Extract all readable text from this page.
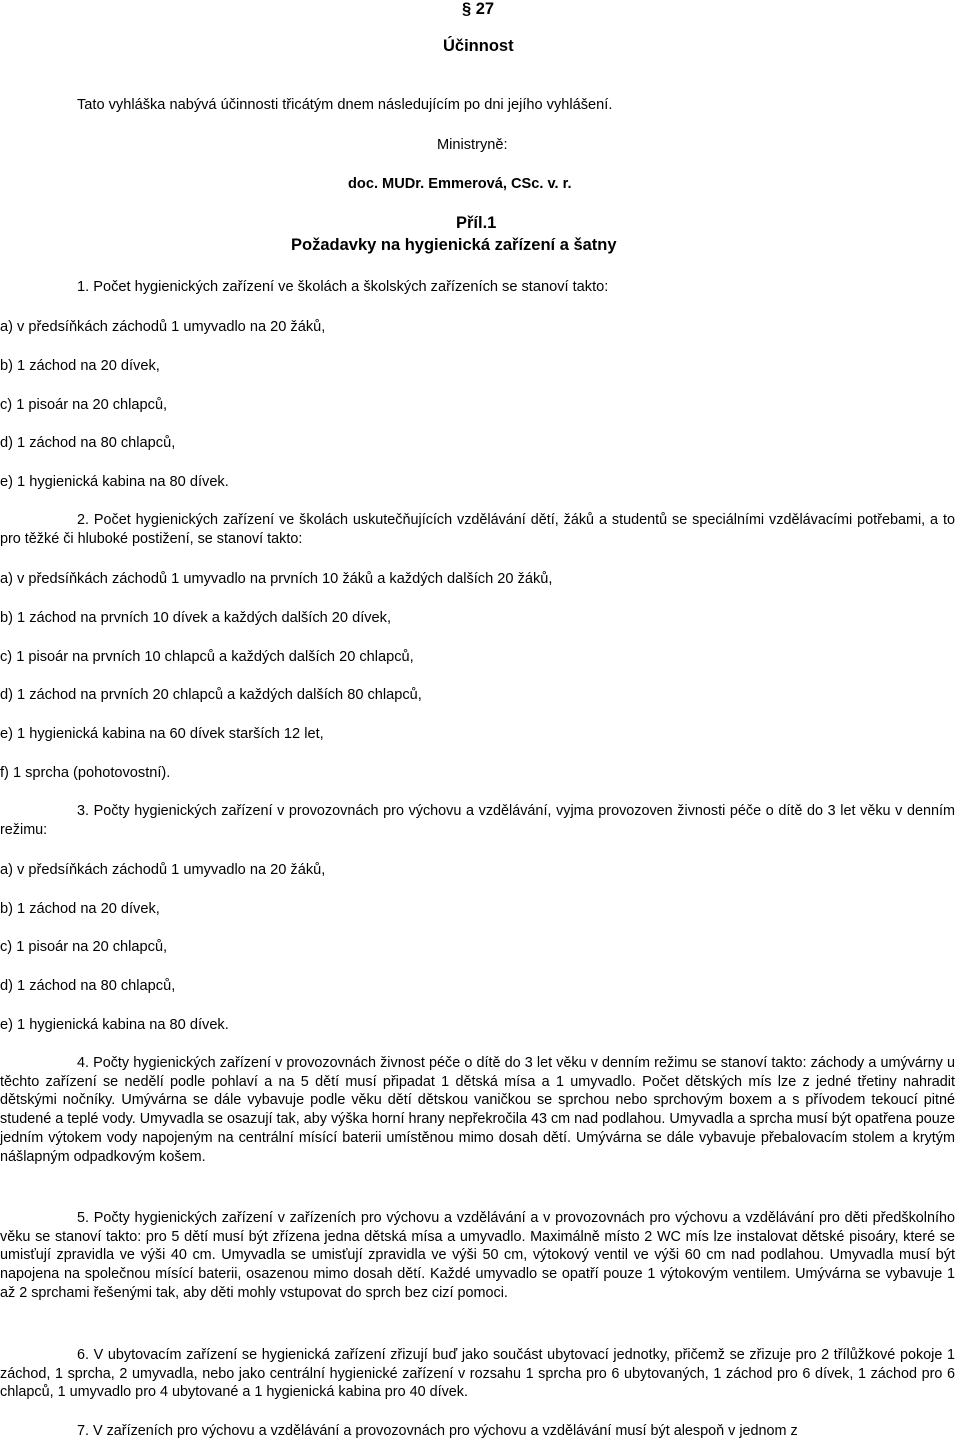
§ 27
Účinnost
Tato vyhláška nabývá účinnosti třicátým dnem následujícím po dni jejího vyhlášení.
Ministryně:
doc. MUDr. Emmerová, CSc. v. r.
Příl.1
Požadavky na hygienická zařízení a šatny
1. Počet hygienických zařízení ve školách a školských zařízeních se stanoví takto:
a) v předsíňkách záchodů 1 umyvadlo na 20 žáků,
b) 1 záchod na 20 dívek,
c) 1 pisoár na 20 chlapců,
d) 1 záchod na 80 chlapců,
e) 1 hygienická kabina na 80 dívek.
2. Počet hygienických zařízení ve školách uskutečňujících vzdělávání dětí, žáků a studentů se speciálními vzdělávacími potřebami, a to pro těžké či hluboké postižení, se stanoví takto:
a) v předsíňkách záchodů 1 umyvadlo na prvních 10 žáků a každých dalších 20 žáků,
b) 1 záchod na prvních 10 dívek a každých dalších 20 dívek,
c) 1 pisoár na prvních 10 chlapců a každých dalších 20 chlapců,
d) 1 záchod na prvních 20 chlapců a každých dalších 80 chlapců,
e) 1 hygienická kabina na 60 dívek starších 12 let,
f) 1 sprcha (pohotovostní).
3. Počty hygienických zařízení v provozovnách pro výchovu a vzdělávání, vyjma provozoven živnosti péče o dítě do 3 let věku v denním režimu:
a) v předsíňkách záchodů 1 umyvadlo na 20 žáků,
b) 1 záchod na 20 dívek,
c) 1 pisoár na 20 chlapců,
d) 1 záchod na 80 chlapců,
e) 1 hygienická kabina na 80 dívek.
4. Počty hygienických zařízení v provozovnách živnost péče o dítě do 3 let věku v denním režimu se stanoví takto: záchody a umývárny u těchto zařízení se nedělí podle pohlaví a na 5 dětí musí připadat 1 dětská mísa a 1 umyvadlo. Počet dětských mís lze z jedné třetiny nahradit dětskými nočníky. Umývárna se dále vybavuje podle věku dětí dětskou vaničkou se sprchou nebo sprchovým boxem a s přívodem tekoucí pitné studené a teplé vody. Umyvadla se osazují tak, aby výška horní hrany nepřekročila 43 cm nad podlahou. Umyvadla a sprcha musí být opatřena pouze jedním výtokem vody napojeným na centrální mísící baterii umístěnou mimo dosah dětí. Umývárna se dále vybavuje přebalovacím stolem a krytým nášlapným odpadkovým košem.
5. Počty hygienických zařízení v zařízeních pro výchovu a vzdělávání a v provozovnách pro výchovu a vzdělávání pro děti předškolního věku se stanoví takto: pro 5 dětí musí být zřízena jedna dětská mísa a umyvadlo. Maximálně místo 2 WC mís lze instalovat dětské pisoáry, které se umisťují zpravidla ve výši 40 cm. Umyvadla se umisťují zpravidla ve výši 50 cm, výtokový ventil ve výši 60 cm nad podlahou. Umyvadla musí být napojena na společnou mísící baterii, osazenou mimo dosah dětí. Každé umyvadlo se opatří pouze 1 výtokovým ventilem. Umývárna se vybavuje 1 až 2 sprchami řešenými tak, aby děti mohly vstupovat do sprch bez cizí pomoci.
6. V ubytovacím zařízení se hygienická zařízení zřizují buď jako součást ubytovací jednotky, přičemž se zřizuje pro 2 třílůžkové pokoje 1 záchod, 1 sprcha, 2 umyvadla, nebo jako centrální hygienické zařízení v rozsahu 1 sprcha pro 6 ubytovaných, 1 záchod pro 6 dívek, 1 záchod pro 6 chlapců, 1 umyvadlo pro 4 ubytované a 1 hygienická kabina pro 40 dívek.
7. V zařízeních pro výchovu a vzdělávání a provozovnách pro výchovu a vzdělávání musí být alespoň v jednom z
